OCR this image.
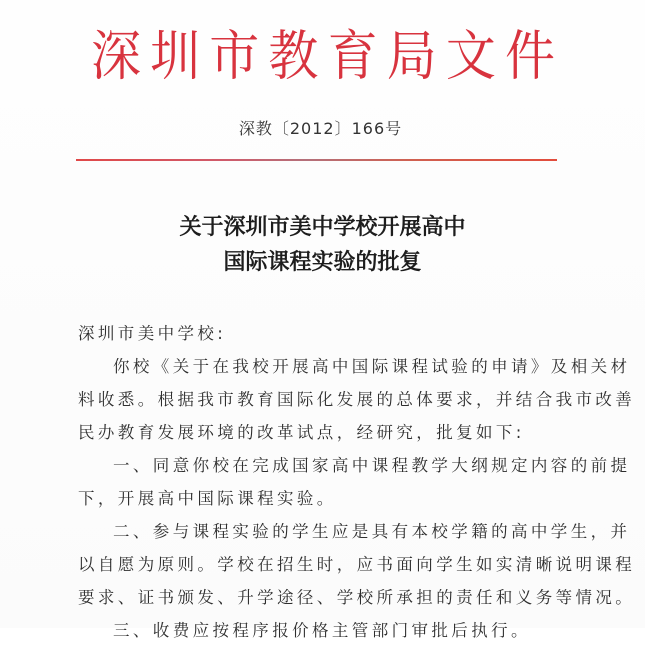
深 圳 市 教 育 局 文 件
深教〔2012〕166号
关于深圳市美中学校开展高中
国际课程实验的批复
深圳市美中学校:
你校《关于在我校开展高中国际课程试验的申请》及相关材
料收悉。根据我市教育国际化发展的总体要求，并结合我市改善
民办教育发展环境的改革试点，经研究，批复如下:
一、同意你校在完成国家高中课程教学大纲规定内容的前提
下，开展高中国际课程实验。
二、参与课程实验的学生应是具有本校学籍的高中学生，并
以自愿为原则。学校在招生时，应书面向学生如实清晰说明课程
要求、证书颁发、升学途径、学校所承担的责任和义务等情况。
三、收费应按程序报价格主管部门审批后执行。
